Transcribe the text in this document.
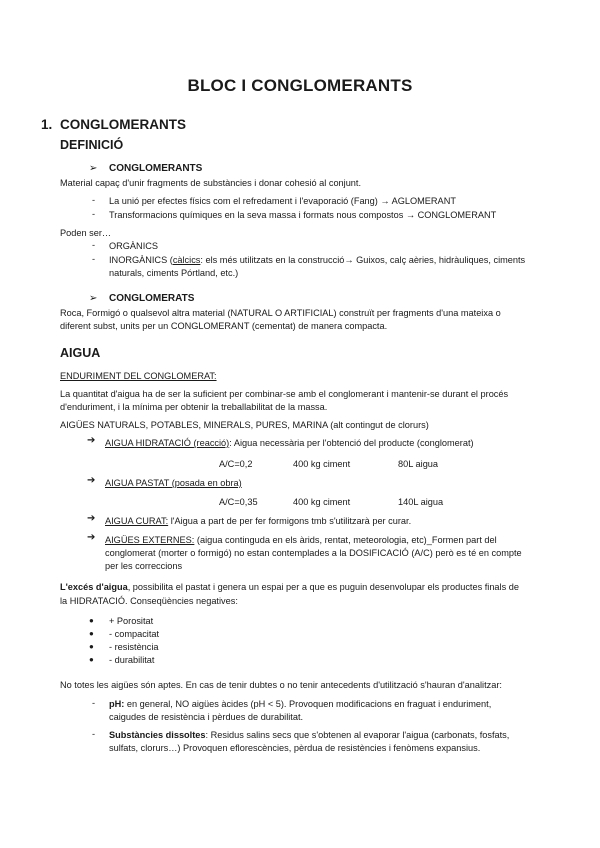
BLOC I CONGLOMERANTS
1. CONGLOMERANTS
DEFINICIÓ
➢ CONGLOMERANTS
Material capaç d'unir fragments de substàncies i donar cohesió al conjunt.
- La unió per efectes físics com el refredament i l'evaporació (Fang) → AGLOMERANT
- Transformacions químiques en la seva massa i formats nous compostos → CONGLOMERANT
Poden ser…
- ORGÀNICS
- INORGÀNICS (càlcics: els més utilitzats en la construcció→ Guixos, calç aèries, hidràuliques, ciments
naturals, ciments Pórtland, etc.)
➢ CONGLOMERATS
Roca, Formigó o qualsevol altra material (NATURAL O ARTIFICIAL) construït per fragments d'una mateixa o
diferent subst, units per un CONGLOMERANT (cementat) de manera compacta.
AIGUA
ENDURIMENT DEL CONGLOMERAT:
La quantitat d'aigua ha de ser la suficient per combinar-se amb el conglomerant i mantenir-se durant el procés
d'enduriment, i la mínima per obtenir la treballabilitat de la massa.
AIGÜES NATURALS, POTABLES, MINERALS, PURES, MARINA (alt contingut de clorurs)
➔ AIGUA HIDRATACIÓ (reacció): Aigua necessària per l'obtenció del producte (conglomerat)
A/C=0,2	400 kg ciment	80L aigua
➔ AIGUA PASTAT (posada en obra)
A/C=0,35	400 kg ciment	140L aigua
➔ AIGUA CURAT: l'Aigua a part de per fer formigons tmb s'utilitzarà per curar.
➔ AIGÜES EXTERNES: (aigua continguda en els àrids, rentat, meteorologia, etc)_Formen part del
conglomerat (morter o formigó) no estan contemplades a la DOSIFICACIÓ (A/C) però es té en compte
per les correccions
L'excés d'aigua, possibilita el pastat i genera un espai per a que es puguin desenvolupar els productes finals de
la HIDRATACIÓ. Conseqüències negatives:
● + Porositat
● - compacitat
● - resistència
● - durabilitat
No totes les aigües són aptes. En cas de tenir dubtes o no tenir antecedents d'utilització s'hauran d'analitzar:
- pH: en general, NO aigües àcides (pH < 5). Provoquen modificacions en fraguat i enduriment,
caigudes de resistència i pèrdues de durabilitat.
- Substàncies dissoltes: Residus salins secs que s'obtenen al evaporar l'aigua (carbonats, fosfats,
sulfats, clorurs…) Provoquen eflorescències, pèrdua de resistències i fenòmens expansius.
